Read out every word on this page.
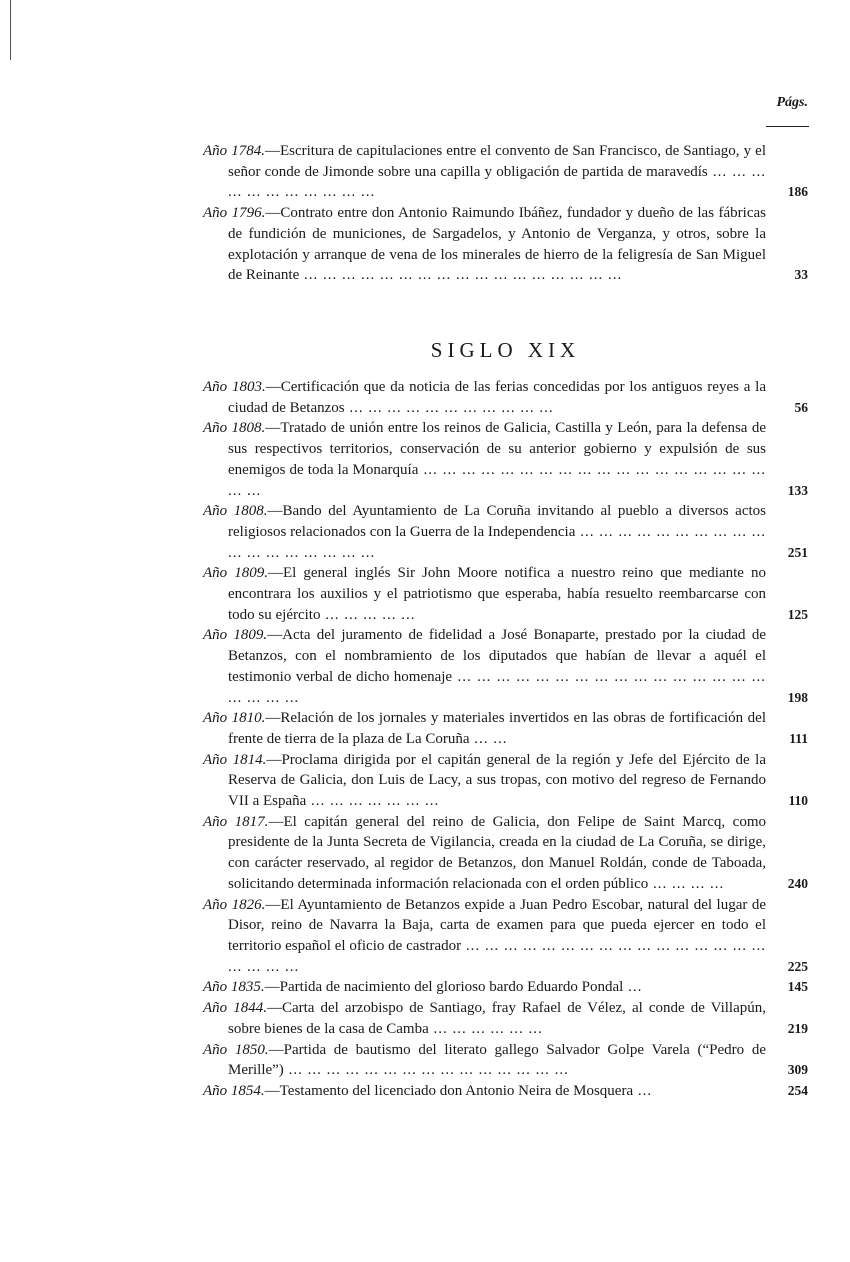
Págs.
Año 1784.—Escritura de capitulaciones entre el convento de San Francisco, de Santiago, y el señor conde de Jimonde sobre una capilla y obligación de partida de maravedís ... ... ... ... ... ... ... ... ... ... ...	186
Año 1796.—Contrato entre don Antonio Raimundo Ibáñez, fundador y dueño de las fábricas de fundición de municiones, de Sargadelos, y Antonio de Verganza, y otros, sobre la explotación y arranque de vena de los minerales de hierro de la feligresía de San Miguel de Reinante ... ... ... ... ... ... ... ... ... ... ... ... ... ... ... ... ...	33
SIGLO XIX
Año 1803.—Certificación que da noticia de las ferias concedidas por los antiguos reyes a la ciudad de Betanzos ... ... ... ... ... ... ... ... ... ... ...	56
Año 1808.—Tratado de unión entre los reinos de Galicia, Castilla y León, para la defensa de sus respectivos territorios, conservación de su anterior gobierno y expulsión de sus enemigos de toda la Monarquía ... ... ... ... ... ... ... ... ... ... ... ... ... ... ... ... ... ... ... ...	133
Año 1808.—Bando del Ayuntamiento de La Coruña invitando al pueblo a diversos actos religiosos relacionados con la Guerra de la Independencia ... ... ... ... ... ... ... ... ... ... ... ... ... ... ... ... ... ...	251
Año 1809.—El general inglés Sir John Moore notifica a nuestro reino que mediante no encontrara los auxilios y el patriotismo que esperaba, había resuelto reembarcarse con todo su ejército ... ... ... ... ...	125
Año 1809.—Acta del juramento de fidelidad a José Bonaparte, prestado por la ciudad de Betanzos, con el nombramiento de los diputados que habían de llevar a aquél el testimonio verbal de dicho homenaje ... ... ... ... ... ... ... ... ... ... ... ... ... ... ... ... ... ... ... ...	198
Año 1810.—Relación de los jornales y materiales invertidos en las obras de fortificación del frente de tierra de la plaza de La Coruña ... ...	111
Año 1814.—Proclama dirigida por el capitán general de la región y Jefe del Ejército de la Reserva de Galicia, don Luis de Lacy, a sus tropas, con motivo del regreso de Fernando VII a España ... ... ... ... ... ... ...	110
Año 1817.—El capitán general del reino de Galicia, don Felipe de Saint Marcq, como presidente de la Junta Secreta de Vigilancia, creada en la ciudad de La Coruña, se dirige, con carácter reservado, al regidor de Betanzos, don Manuel Roldán, conde de Taboada, solicitando determinada información relacionada con el orden público ... ... ... ...	240
Año 1826.—El Ayuntamiento de Betanzos expide a Juan Pedro Escobar, natural del lugar de Disor, reino de Navarra la Baja, carta de examen para que pueda ejercer en todo el territorio español el oficio de castrador ... ... ... ... ... ... ... ... ... ... ... ... ... ... ... ... ... ... ... ...	225
Año 1835.—Partida de nacimiento del glorioso bardo Eduardo Pondal ...	145
Año 1844.—Carta del arzobispo de Santiago, fray Rafael de Vélez, al conde de Villapún, sobre bienes de la casa de Camba ... ... ... ... ... ...	219
Año 1850.—Partida de bautismo del literato gallego Salvador Golpe Varela (“Pedro de Merille”) ... ... ... ... ... ... ... ... ... ... ... ... ... ... ...	309
Año 1854.—Testamento del licenciado don Antonio Neira de Mosquera ...	254
